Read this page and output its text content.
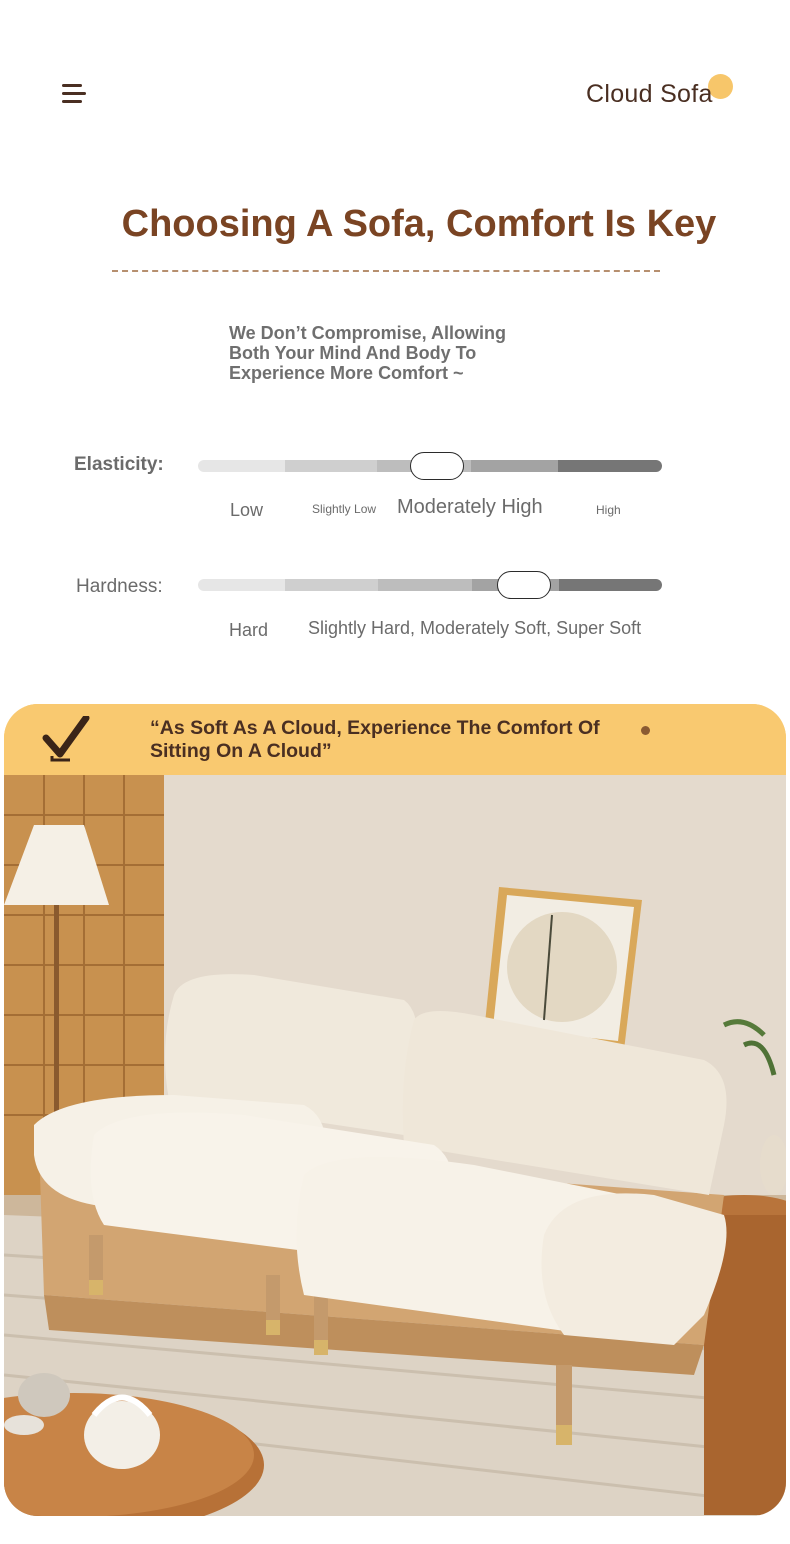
Cloud Sofa
Choosing A Sofa, Comfort Is Key
We Don’t Compromise, Allowing Both Your Mind And Body To Experience More Comfort ~
Elasticity:
Low	Slightly Low Moderately High	High
Hardness:
Hard Slightly Hard, Moderately Soft, Super Soft
“As Soft As A Cloud, Experience The Comfort Of Sitting On A Cloud”
